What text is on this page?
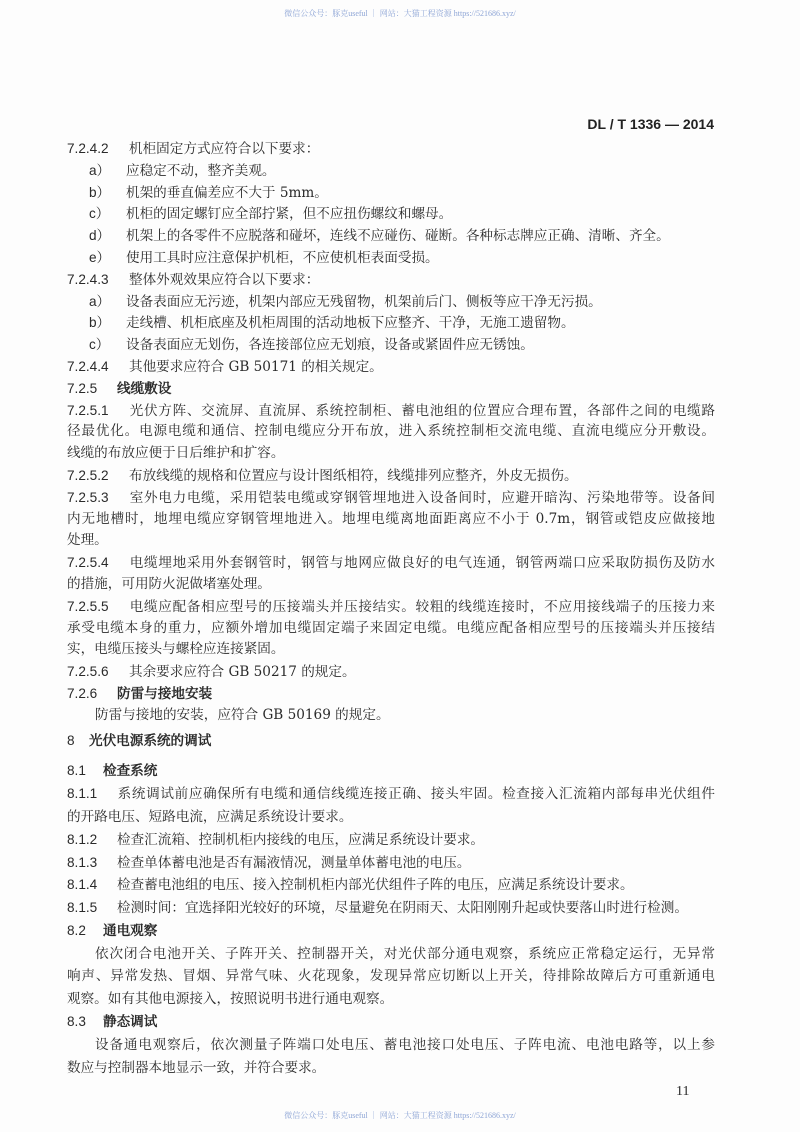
微信公众号：豚克useful ｜ 网站：大猫工程资源 https://521686.xyz/
DL / T 1336 — 2014
7.2.4.2 机柜固定方式应符合以下要求：
a） 应稳定不动，整齐美观。
b） 机架的垂直偏差应不大于 5mm。
c） 机柜的固定螺钉应全部拧紧，但不应扭伤螺纹和螺母。
d） 机架上的各零件不应脱落和碰坏，连线不应碰伤、碰断。各种标志牌应正确、清晰、齐全。
e） 使用工具时应注意保护机柜，不应使机柜表面受损。
7.2.4.3 整体外观效果应符合以下要求：
a） 设备表面应无污迹，机架内部应无残留物，机架前后门、侧板等应干净无污损。
b） 走线槽、机柜底座及机柜周围的活动地板下应整齐、干净，无施工遗留物。
c） 设备表面应无划伤，各连接部位应无划痕，设备或紧固件应无锈蚀。
7.2.4.4 其他要求应符合 GB 50171 的相关规定。
7.2.5 线缆敷设
7.2.5.1 光伏方阵、交流屏、直流屏、系统控制柜、蓄电池组的位置应合理布置，各部件之间的电缆路
径最优化。电源电缆和通信、控制电缆应分开布放，进入系统控制柜交流电缆、直流电缆应分开敷设。
线缆的布放应便于日后维护和扩容。
7.2.5.2 布放线缆的规格和位置应与设计图纸相符，线缆排列应整齐，外皮无损伤。
7.2.5.3 室外电力电缆，采用铠装电缆或穿钢管埋地进入设备间时，应避开暗沟、污染地带等。设备间
内无地槽时，地埋电缆应穿钢管埋地进入。地埋电缆离地面距离应不小于 0.7m，钢管或铠皮应做接地
处理。
7.2.5.4 电缆埋地采用外套钢管时，钢管与地网应做良好的电气连通，钢管两端口应采取防损伤及防水
的措施，可用防火泥做堵塞处理。
7.2.5.5 电缆应配备相应型号的压接端头并压接结实。较粗的线缆连接时，不应用接线端子的压接力来
承受电缆本身的重力，应额外增加电缆固定端子来固定电缆。电缆应配备相应型号的压接端头并压接结
实，电缆压接头与螺栓应连接紧固。
7.2.5.6 其余要求应符合 GB 50217 的规定。
7.2.6 防雷与接地安装
防雷与接地的安装，应符合 GB 50169 的规定。
8 光伏电源系统的调试
8.1 检查系统
8.1.1 系统调试前应确保所有电缆和通信线缆连接正确、接头牢固。检查接入汇流箱内部每串光伏组件
的开路电压、短路电流，应满足系统设计要求。
8.1.2 检查汇流箱、控制机柜内接线的电压，应满足系统设计要求。
8.1.3 检查单体蓄电池是否有漏液情况，测量单体蓄电池的电压。
8.1.4 检查蓄电池组的电压、接入控制机柜内部光伏组件子阵的电压，应满足系统设计要求。
8.1.5 检测时间：宜选择阳光较好的环境，尽量避免在阴雨天、太阳刚刚升起或快要落山时进行检测。
8.2 通电观察
依次闭合电池开关、子阵开关、控制器开关，对光伏部分通电观察，系统应正常稳定运行，无异常
响声、异常发热、冒烟、异常气味、火花现象，发现异常应切断以上开关，待排除故障后方可重新通电
观察。如有其他电源接入，按照说明书进行通电观察。
8.3 静态调试
设备通电观察后，依次测量子阵端口处电压、蓄电池接口处电压、子阵电流、电池电路等，以上参
数应与控制器本地显示一致，并符合要求。
11
微信公众号：豚克useful ｜ 网站：大猫工程资源 https://521686.xyz/
